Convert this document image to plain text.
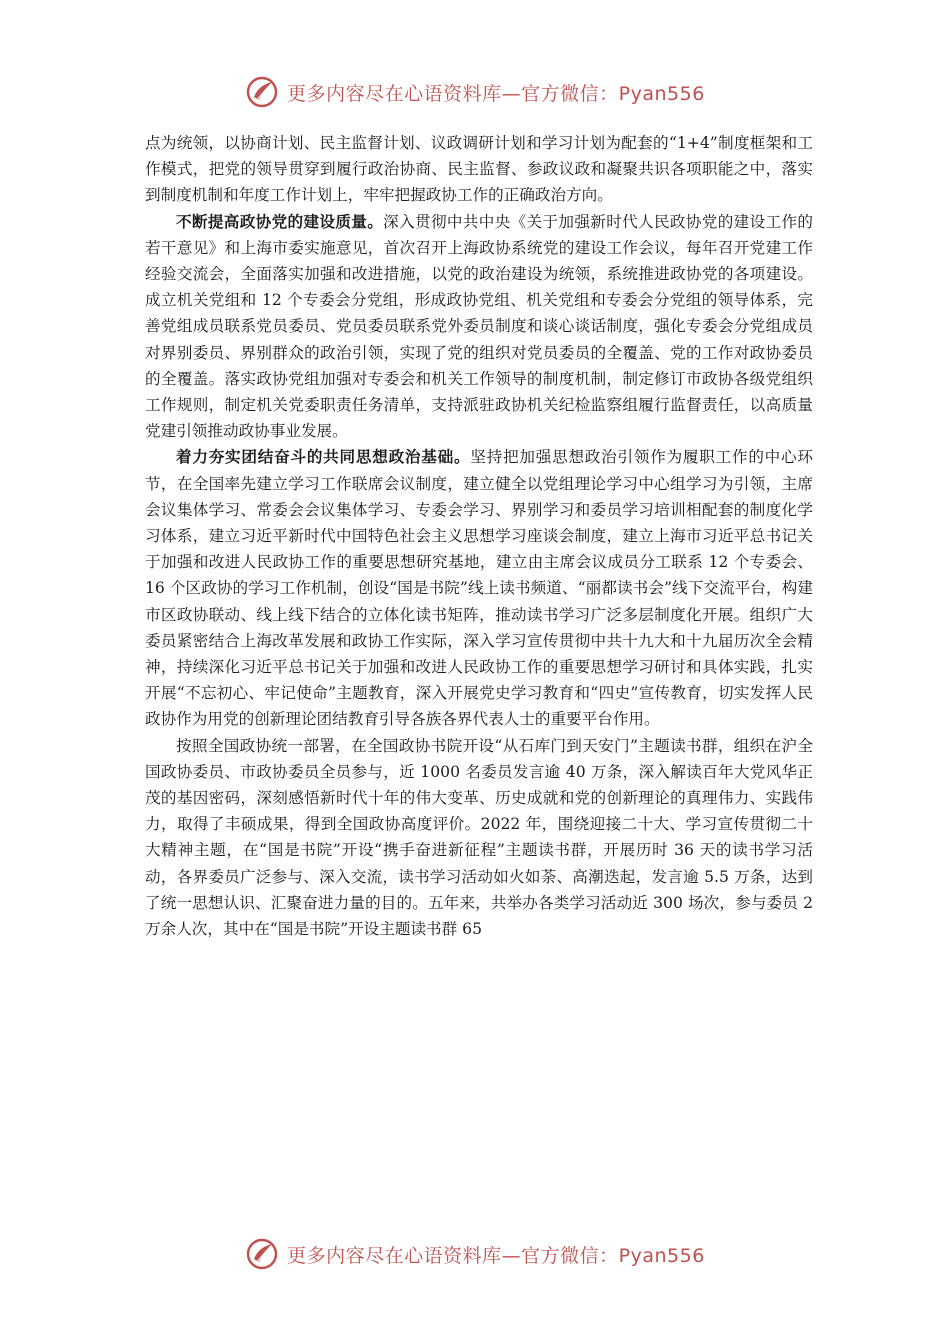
更多内容尽在心语资料库—官方微信：Pyan556

点为统领，以协商计划、民主监督计划、议政调研计划和学习计划为配套的“1+4”制度框架和工作模式，把党的领导贯穿到履行政治协商、民主监督、参政议政和凝聚共识各项职能之中，落实到制度机制和年度工作计划上，牢牢把握政协工作的正确政治方向。

不断提高政协党的建设质量。深入贯彻中共中央《关于加强新时代人民政协党的建设工作的若干意见》和上海市委实施意见，首次召开上海政协系统党的建设工作会议，每年召开党建工作经验交流会，全面落实加强和改进措施，以党的政治建设为统领，系统推进政协党的各项建设。成立机关党组和 12 个专委会分党组，形成政协党组、机关党组和专委会分党组的领导体系，完善党组成员联系党员委员、党员委员联系党外委员制度和谈心谈话制度，强化专委会分党组成员对界别委员、界别群众的政治引领，实现了党的组织对党员委员的全覆盖、党的工作对政协委员的全覆盖。落实政协党组加强对专委会和机关工作领导的制度机制，制定修订市政协各级党组织工作规则，制定机关党委职责任务清单，支持派驻政协机关纪检监察组履行监督责任，以高质量党建引领推动政协事业发展。

着力夯实团结奋斗的共同思想政治基础。坚持把加强思想政治引领作为履职工作的中心环节，在全国率先建立学习工作联席会议制度，建立健全以党组理论学习中心组学习为引领，主席会议集体学习、常委会会议集体学习、专委会学习、界别学习和委员学习培训相配套的制度化学习体系，建立习近平新时代中国特色社会主义思想学习座谈会制度，建立上海市习近平总书记关于加强和改进人民政协工作的重要思想研究基地，建立由主席会议成员分工联系 12 个专委会、16 个区政协的学习工作机制，创设“国是书院”线上读书频道、“丽都读书会”线下交流平台，构建市区政协联动、线上线下结合的立体化读书矩阵，推动读书学习广泛多层制度化开展。组织广大委员紧密结合上海改革发展和政协工作实际，深入学习宣传贯彻中共十九大和十九届历次全会精神，持续深化习近平总书记关于加强和改进人民政协工作的重要思想学习研讨和具体实践，扎实开展“不忘初心、牢记使命”主题教育，深入开展党史学习教育和“四史”宣传教育，切实发挥人民政协作为用党的创新理论团结教育引导各族各界代表人士的重要平台作用。

按照全国政协统一部署，在全国政协书院开设“从石库门到天安门”主题读书群，组织在沪全国政协委员、市政协委员全员参与，近 1000 名委员发言逾 40 万条，深入解读百年大党风华正茂的基因密码，深刻感悟新时代十年的伟大变革、历史成就和党的创新理论的真理伟力、实践伟力，取得了丰硕成果，得到全国政协高度评价。2022 年，围绕迎接二十大、学习宣传贯彻二十大精神主题，在“国是书院”开设“携手奋进新征程”主题读书群，开展历时 36 天的读书学习活动，各界委员广泛参与、深入交流，读书学习活动如火如荼、高潮迭起，发言逾 5.5 万条，达到了统一思想认识、汇聚奋进力量的目的。五年来，共举办各类学习活动近 300 场次，参与委员 2 万余人次，其中在“国是书院”开设主题读书群 65

更多内容尽在心语资料库—官方微信：Pyan556
